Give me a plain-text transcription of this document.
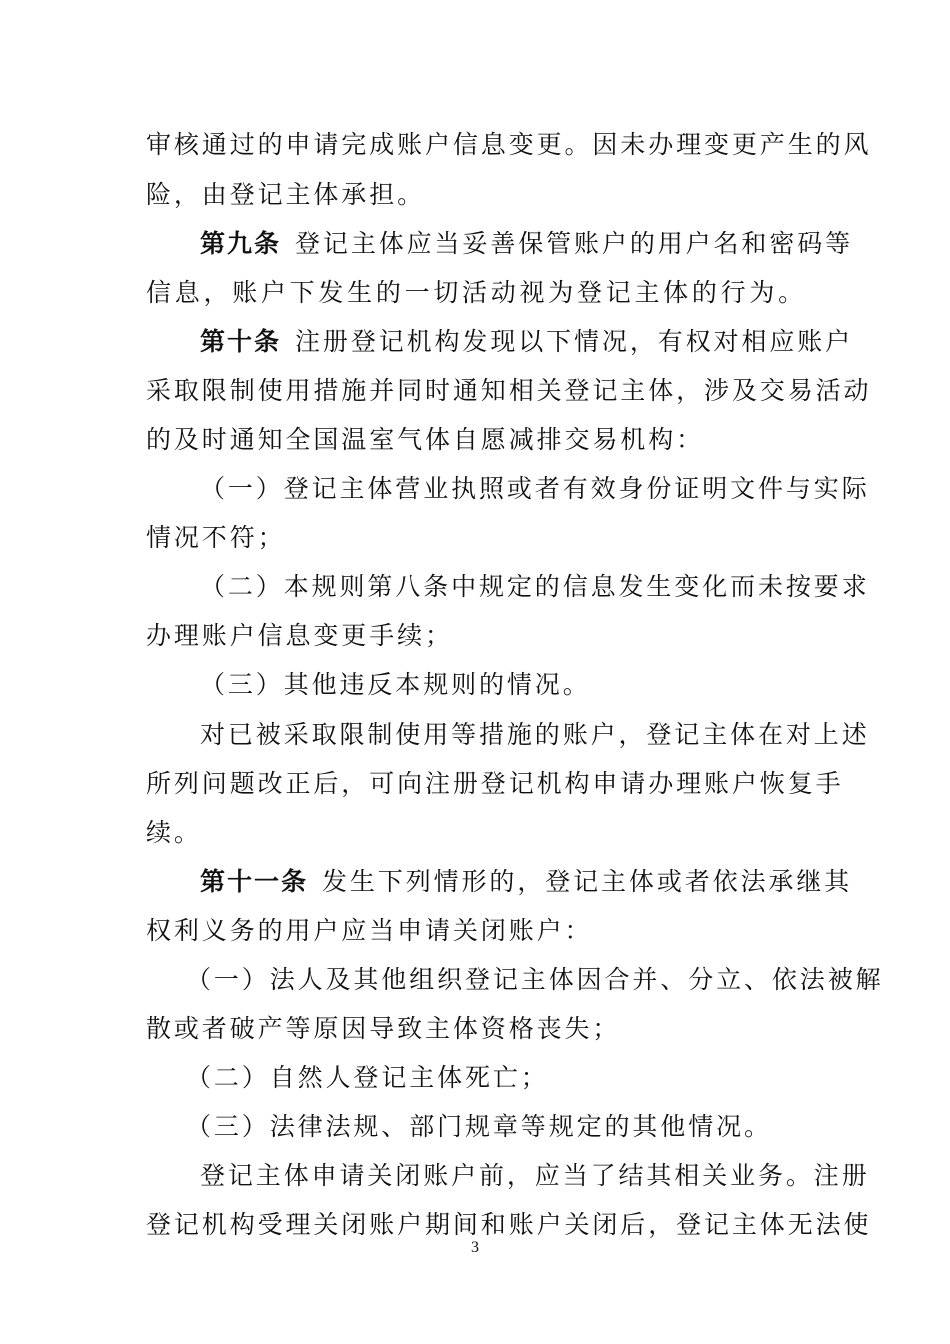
审核通过的申请完成账户信息变更。因未办理变更产生的风
险，由登记主体承担。
第九条 登记主体应当妥善保管账户的用户名和密码等
信息，账户下发生的一切活动视为登记主体的行为。
第十条 注册登记机构发现以下情况，有权对相应账户
采取限制使用措施并同时通知相关登记主体，涉及交易活动
的及时通知全国温室气体自愿减排交易机构：
（一）登记主体营业执照或者有效身份证明文件与实际
情况不符；
（二）本规则第八条中规定的信息发生变化而未按要求
办理账户信息变更手续；
（三）其他违反本规则的情况。
对已被采取限制使用等措施的账户，登记主体在对上述
所列问题改正后，可向注册登记机构申请办理账户恢复手
续。
第十一条 发生下列情形的，登记主体或者依法承继其
权利义务的用户应当申请关闭账户：
（一）法人及其他组织登记主体因合并、分立、依法被解
散或者破产等原因导致主体资格丧失；
（二）自然人登记主体死亡；
（三）法律法规、部门规章等规定的其他情况。
登记主体申请关闭账户前，应当了结其相关业务。注册
登记机构受理关闭账户期间和账户关闭后，登记主体无法使
3
